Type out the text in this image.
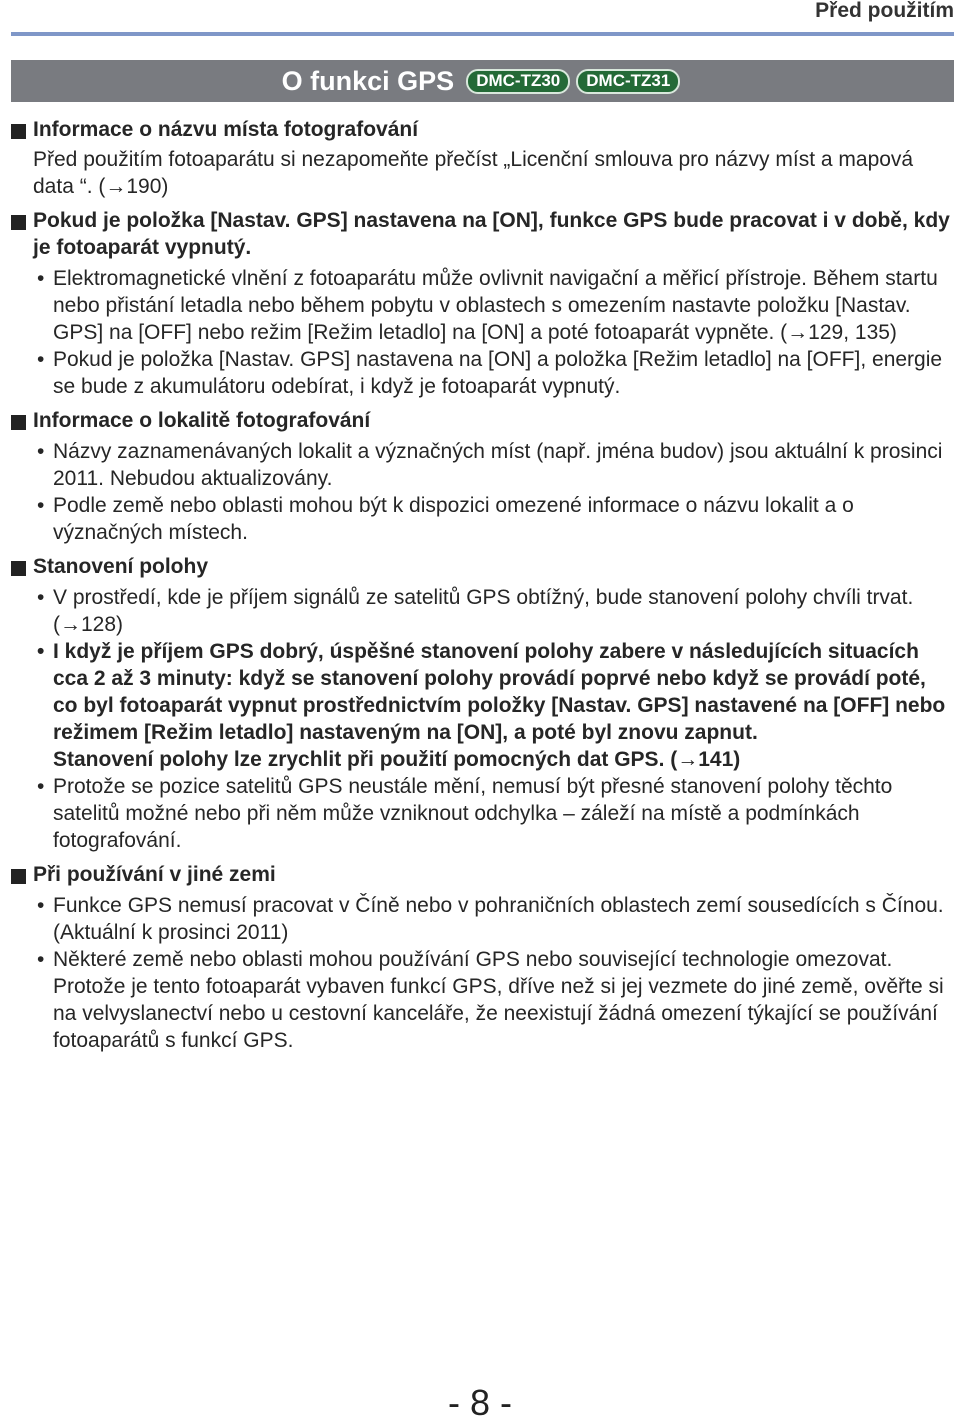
Před použitím
O funkci GPS	DMC-TZ30	DMC-TZ31
Informace o názvu místa fotografování
Před použitím fotoaparátu si nezapomeňte přečíst „Licenční smlouva pro názvy míst a mapová data “. (→190)
Pokud je položka [Nastav. GPS] nastavena na [ON], funkce GPS bude pracovat i v době, kdy je fotoaparát vypnutý.
• Elektromagnetické vlnění z fotoaparátu může ovlivnit navigační a měřicí přístroje. Během startu nebo přistání letadla nebo během pobytu v oblastech s omezením nastavte položku [Nastav. GPS] na [OFF] nebo režim [Režim letadlo] na [ON] a poté fotoaparát vypněte. (→129, 135)
• Pokud je položka [Nastav. GPS] nastavena na [ON] a položka [Režim letadlo] na [OFF], energie se bude z akumulátoru odebírat, i když je fotoaparát vypnutý.
Informace o lokalitě fotografování
• Názvy zaznamenávaných lokalit a význačných míst (např. jména budov) jsou aktuální k prosinci 2011. Nebudou aktualizovány.
• Podle země nebo oblasti mohou být k dispozici omezené informace o názvu lokalit a o význačných místech.
Stanovení polohy
• V prostředí, kde je příjem signálů ze satelitů GPS obtížný, bude stanovení polohy chvíli trvat. (→128)
• I když je příjem GPS dobrý, úspěšné stanovení polohy zabere v následujících situacích cca 2 až 3 minuty: když se stanovení polohy provádí poprvé nebo když se provádí poté, co byl fotoaparát vypnut prostřednictvím položky [Nastav. GPS] nastavené na [OFF] nebo režimem [Režim letadlo] nastaveným na [ON], a poté byl znovu zapnut.
Stanovení polohy lze zrychlit při použití pomocných dat GPS. (→141)
• Protože se pozice satelitů GPS neustále mění, nemusí být přesné stanovení polohy těchto satelitů možné nebo při něm může vzniknout odchylka – záleží na místě a podmínkách fotografování.
Při používání v jiné zemi
• Funkce GPS nemusí pracovat v Číně nebo v pohraničních oblastech zemí sousedících s Čínou. (Aktuální k prosinci 2011)
• Některé země nebo oblasti mohou používání GPS nebo související technologie omezovat. Protože je tento fotoaparát vybaven funkcí GPS, dříve než si jej vezmete do jiné země, ověřte si na velvyslanectví nebo u cestovní kanceláře, že neexistují žádná omezení týkající se používání fotoaparátů s funkcí GPS.
- 8 -
